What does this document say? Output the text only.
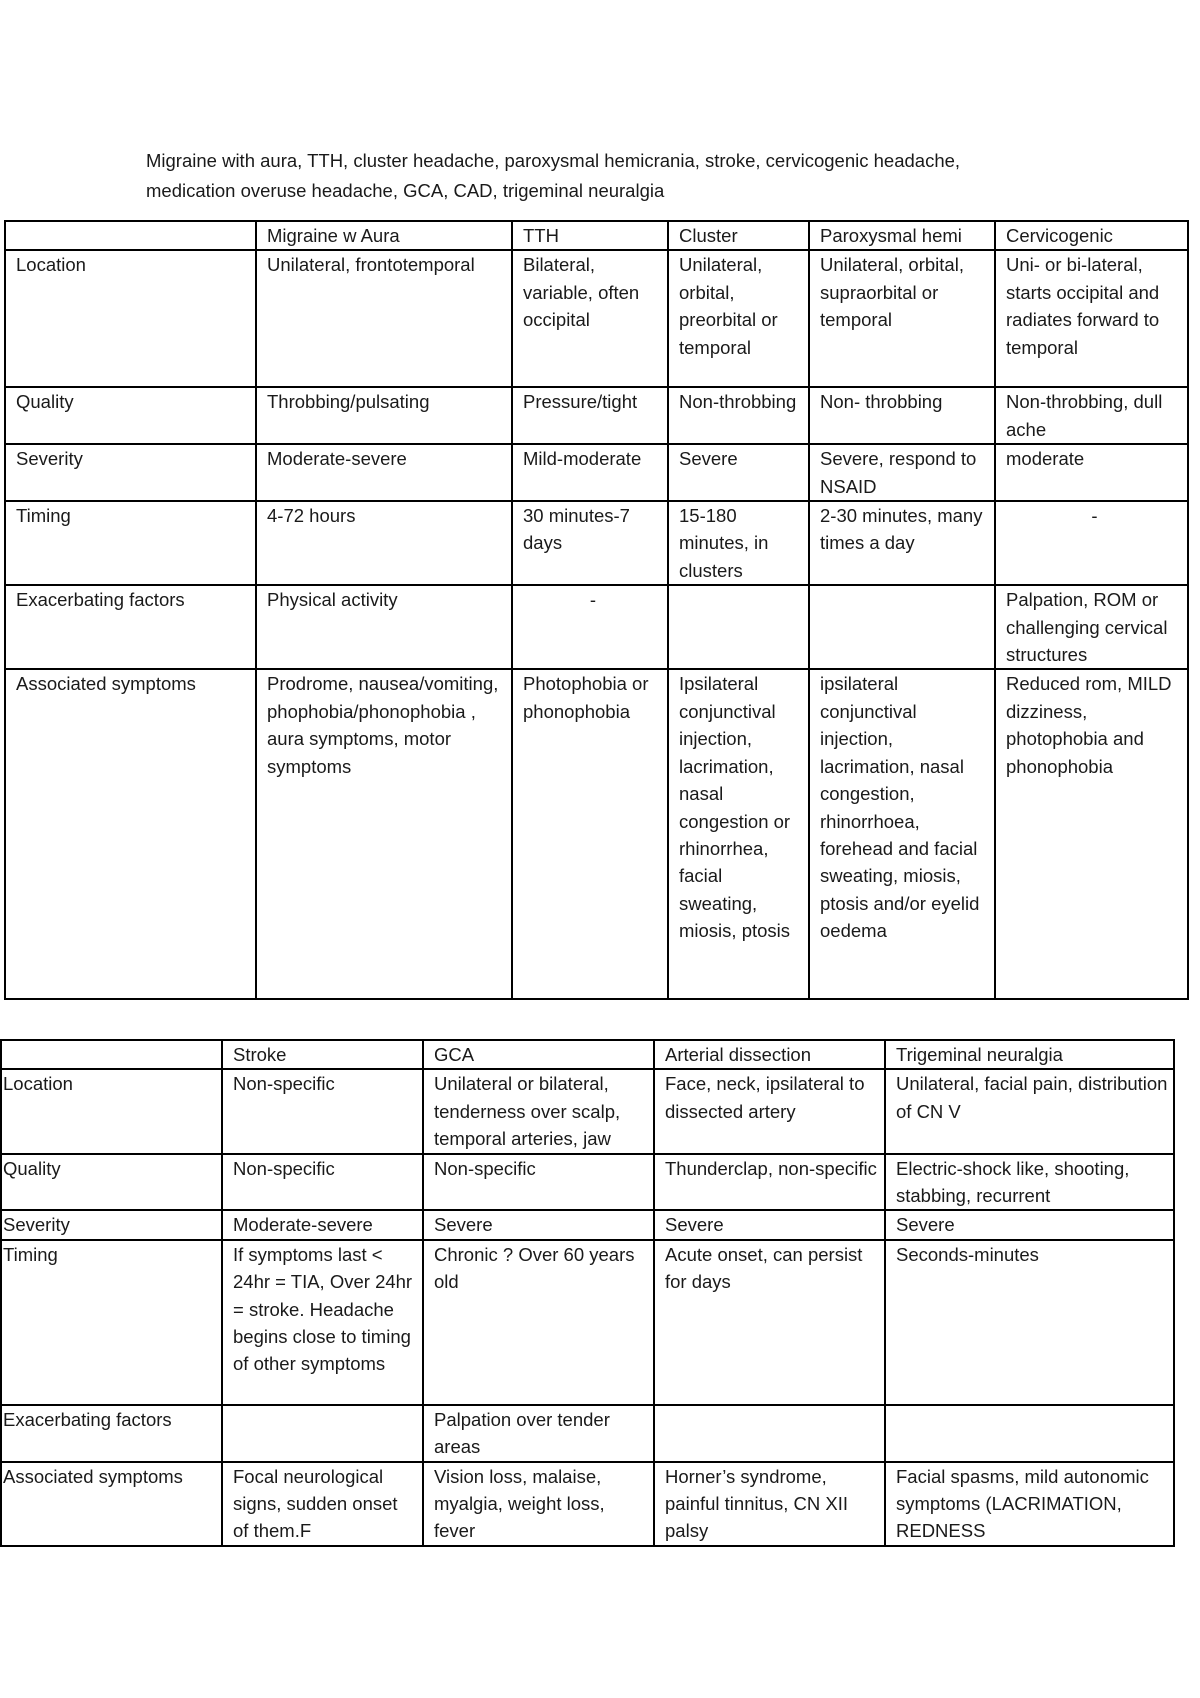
Migraine with aura, TTH, cluster headache, paroxysmal hemicrania, stroke, cervicogenic headache,
medication overuse headache, GCA, CAD, trigeminal neuralgia

	Migraine w Aura	TTH	Cluster	Paroxysmal hemi	Cervicogenic
Location	Unilateral, frontotemporal	Bilateral, variable, often occipital	Unilateral, orbital, preorbital or temporal	Unilateral, orbital, supraorbital or temporal	Uni- or bi-lateral, starts occipital and radiates forward to temporal
Quality	Throbbing/pulsating	Pressure/tight	Non-throbbing	Non- throbbing	Non-throbbing, dull ache
Severity	Moderate-severe	Mild-moderate	Severe	Severe, respond to NSAID	moderate
Timing	4-72 hours	30 minutes-7 days	15-180 minutes, in clusters	2-30 minutes, many times a day	-
Exacerbating factors	Physical activity	-			Palpation, ROM or challenging cervical structures
Associated symptoms	Prodrome, nausea/vomiting, phophobia/phonophobia , aura symptoms, motor symptoms	Photophobia or phonophobia	Ipsilateral conjunctival injection, lacrimation, nasal congestion or rhinorrhea, facial sweating, miosis, ptosis	ipsilateral conjunctival injection, lacrimation, nasal congestion, rhinorrhoea, forehead and facial sweating, miosis, ptosis and/or eyelid oedema	Reduced rom, MILD dizziness, photophobia and phonophobia
	Stroke	GCA	Arterial dissection	Trigeminal neuralgia
Location	Non-specific	Unilateral or bilateral, tenderness over scalp, temporal arteries, jaw	Face, neck, ipsilateral to dissected artery	Unilateral, facial pain, distribution of CN V
Quality	Non-specific	Non-specific	Thunderclap, non-specific	Electric-shock like, shooting, stabbing, recurrent
Severity	Moderate-severe	Severe	Severe	Severe
Timing	If symptoms last < 24hr = TIA, Over 24hr = stroke. Headache begins close to timing of other symptoms	Chronic ? Over 60 years old	Acute onset, can persist for days	Seconds-minutes
Exacerbating factors		Palpation over tender areas		
Associated symptoms	Focal neurological signs, sudden onset of them.F	Vision loss, malaise, myalgia, weight loss, fever	Horner’s syndrome, painful tinnitus, CN XII palsy	Facial spasms, mild autonomic symptoms (LACRIMATION, REDNESS
